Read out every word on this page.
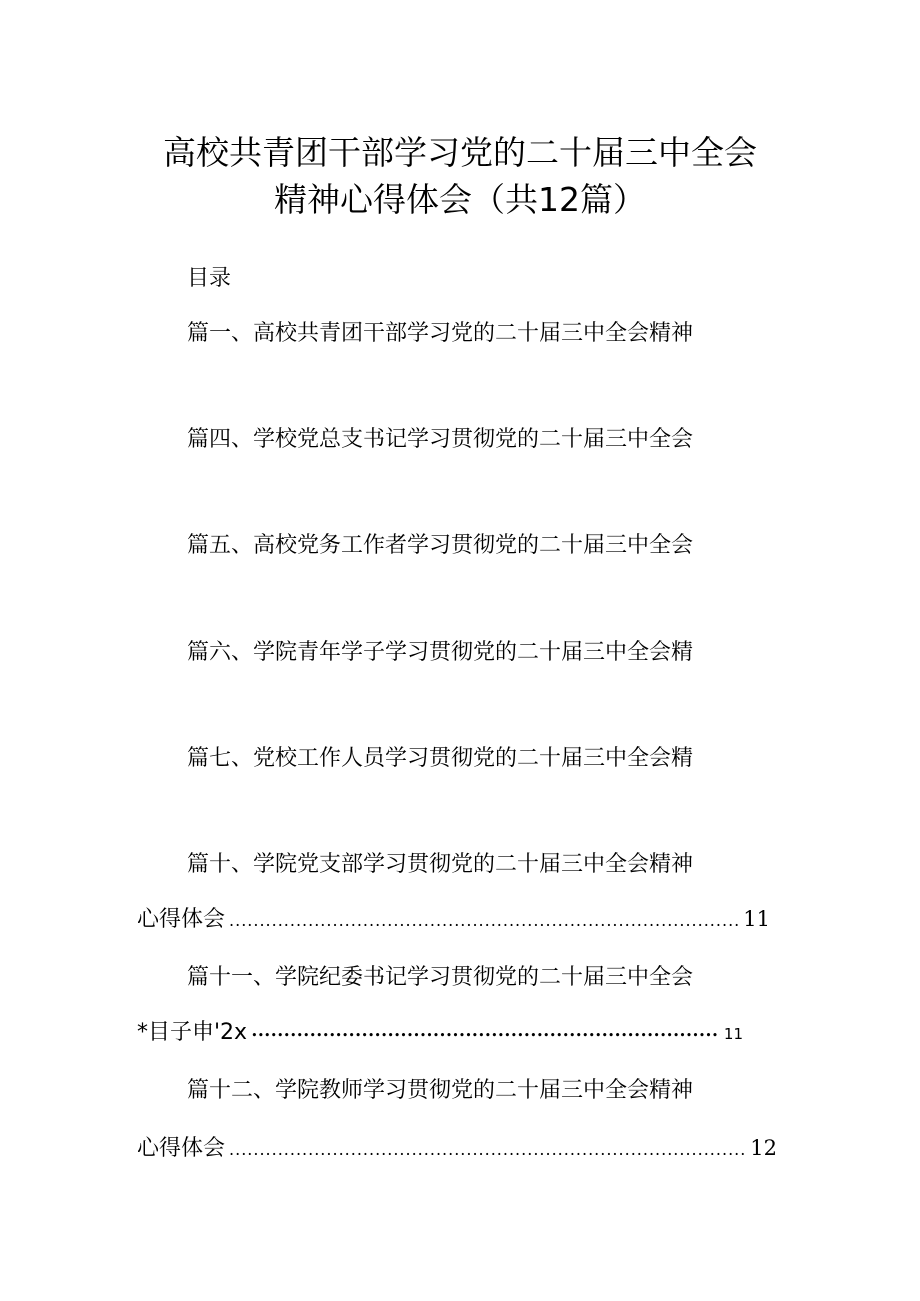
高校共青团干部学习党的二十届三中全会
精神心得体会（共12篇）
目录
篇一、高校共青团干部学习党的二十届三中全会精神
篇四、学校党总支书记学习贯彻党的二十届三中全会
篇五、高校党务工作者学习贯彻党的二十届三中全会
篇六、学院青年学子学习贯彻党的二十届三中全会精
篇七、党校工作人员学习贯彻党的二十届三中全会精
篇十、学院党支部学习贯彻党的二十届三中全会精神
心得体会 .....	11
篇十一、学院纪委书记学习贯彻党的二十届三中全会
*目子申'2x •••••	11
篇十二、学院教师学习贯彻党的二十届三中全会精神
心得体会 .....	12
